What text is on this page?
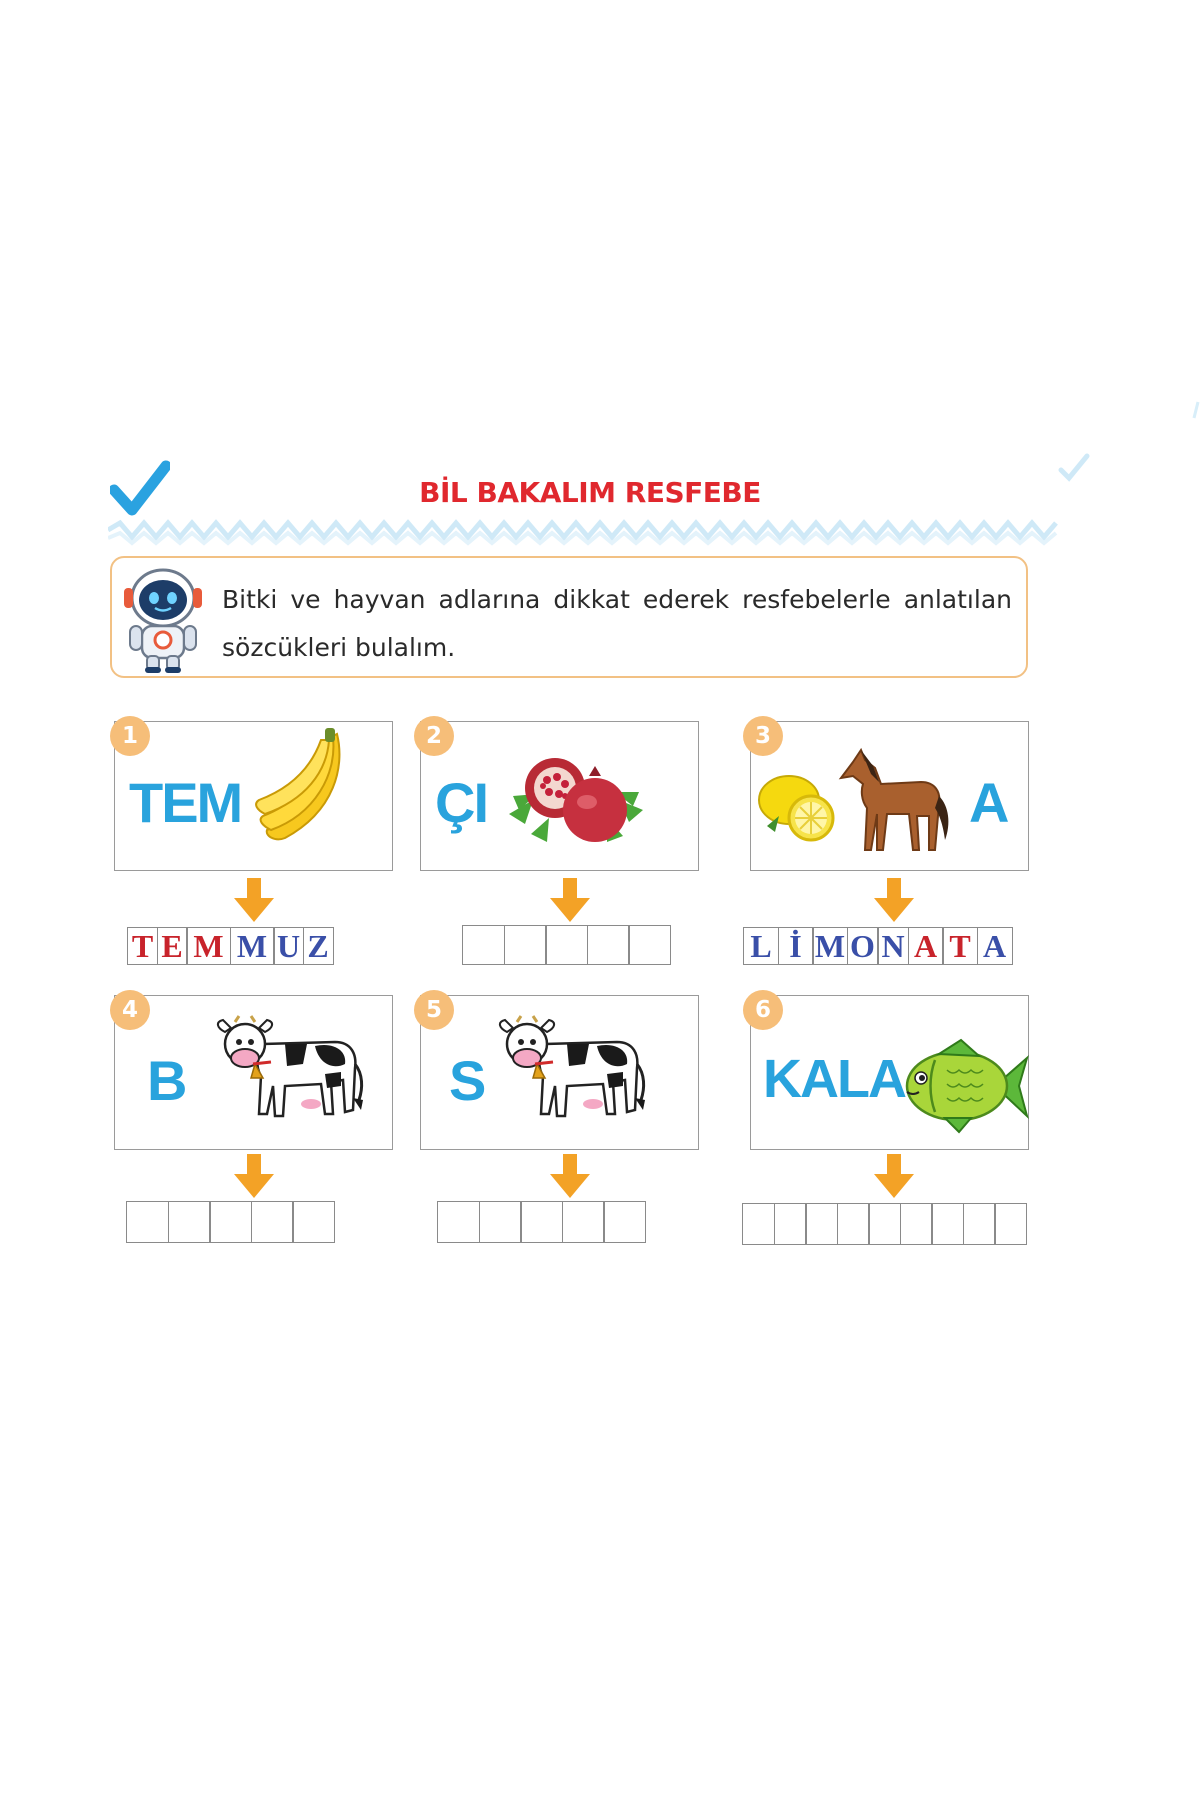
BİL BAKALIM RESFEBE
Bitki ve hayvan adlarına dikkat ederek resfebelerle anlatılan sözcükleri bulalım.
TEM
1
T E M M U Z
ÇI
2
A
3
L İ M O N A T A
B
4
S
5
KALA
6
